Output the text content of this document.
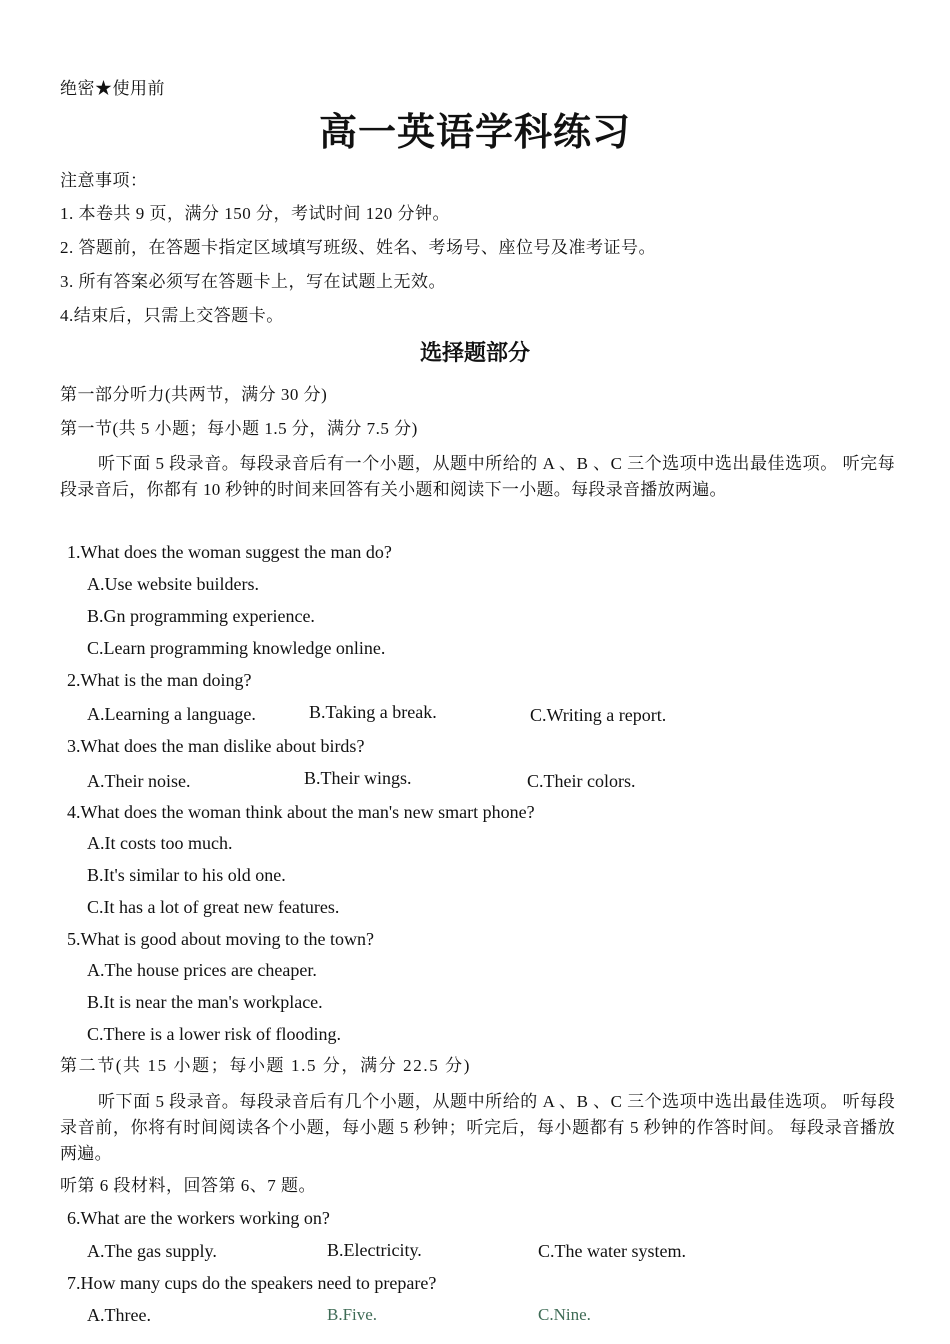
绝密★使用前
高一英语学科练习
注意事项：
1. 本卷共 9 页，满分 150 分，考试时间 120 分钟。
2. 答题前，在答题卡指定区域填写班级、姓名、考场号、座位号及准考证号。
3. 所有答案必须写在答题卡上，写在试题上无效。
4.结束后，只需上交答题卡。
选择题部分
第一部分听力(共两节，满分 30 分)
第一节(共 5 小题；每小题 1.5 分，满分 7.5 分)
听下面 5 段录音。每段录音后有一个小题，从题中所给的 A 、B 、C 三个选项中选出最佳选项。 听完每段录音后，你都有 10 秒钟的时间来回答有关小题和阅读下一小题。每段录音播放两遍。
1.What does the woman suggest the man do?
A.Use website builders.
B.Gn programming experience.
C.Learn programming knowledge online.
2.What is the man doing?
A.Learning a language.	B.Taking a break.	C.Writing a report.
3.What does the man dislike about birds?
A.Their noise.	B.Their wings.	C.Their colors.
4.What does the woman think about the man's new smart phone?
A.It costs too much.
B.It's similar to his old one.
C.It has a lot of great new features.
5.What is good about moving to the town?
A.The house prices are cheaper.
B.It is near the man's workplace.
C.There is a lower risk of flooding.
第二节(共 15 小题；每小题 1.5 分，满分 22.5 分)
听下面 5 段录音。每段录音后有几个小题，从题中所给的 A 、B 、C 三个选项中选出最佳选项。 听每段录音前，你将有时间阅读各个小题，每小题 5 秒钟；听完后，每小题都有 5 秒钟的作答时间。 每段录音播放两遍。
听第 6 段材料，回答第 6、7 题。
6.What are the workers working on?
A.The gas supply.	B.Electricity.	C.The water system.
7.How many cups do the speakers need to prepare?
A.Three.	B.Five.	C.Nine.
